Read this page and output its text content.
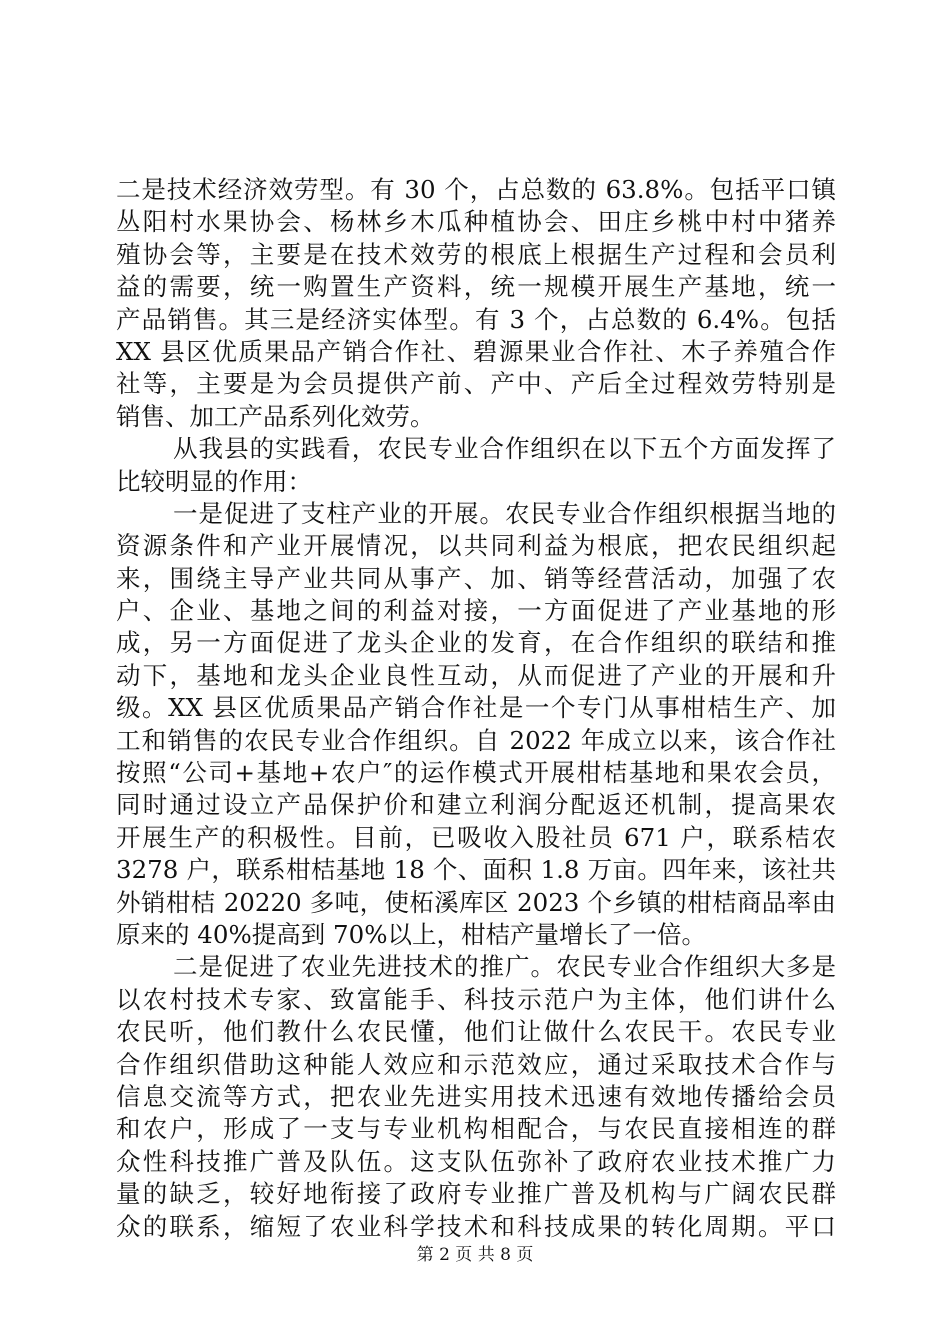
二是技术经济效劳型。有 30 个，占总数的 63.8%。包括平口镇
丛阳村水果协会、杨林乡木瓜种植协会、田庄乡桃中村中猪养
殖协会等，主要是在技术效劳的根底上根据生产过程和会员利
益的需要，统一购置生产资料，统一规模开展生产基地，统一
产品销售。其三是经济实体型。有 3 个，占总数的 6.4%。包括
XX 县区优质果品产销合作社、碧源果业合作社、木子养殖合作
社等，主要是为会员提供产前、产中、产后全过程效劳特别是
销售、加工产品系列化效劳。
从我县的实践看，农民专业合作组织在以下五个方面发挥了
比较明显的作用：
一是促进了支柱产业的开展。农民专业合作组织根据当地的
资源条件和产业开展情况，以共同利益为根底，把农民组织起
来，围绕主导产业共同从事产、加、销等经营活动，加强了农
户、企业、基地之间的利益对接，一方面促进了产业基地的形
成，另一方面促进了龙头企业的发育，在合作组织的联结和推
动下，基地和龙头企业良性互动，从而促进了产业的开展和升
级。XX 县区优质果品产销合作社是一个专门从事柑桔生产、加
工和销售的农民专业合作组织。自 2022 年成立以来，该合作社
按照“公司+基地+农户″的运作模式开展柑桔基地和果农会员，
同时通过设立产品保护价和建立利润分配返还机制，提高果农
开展生产的积极性。目前，已吸收入股社员 671 户，联系桔农
3278 户，联系柑桔基地 18 个、面积 1.8 万亩。四年来，该社共
外销柑桔 20220 多吨，使柘溪库区 2023 个乡镇的柑桔商品率由
原来的 40%提高到 70%以上，柑桔产量增长了一倍。
二是促进了农业先进技术的推广。农民专业合作组织大多是
以农村技术专家、致富能手、科技示范户为主体，他们讲什么
农民听，他们教什么农民懂，他们让做什么农民干。农民专业
合作组织借助这种能人效应和示范效应，通过采取技术合作与
信息交流等方式，把农业先进实用技术迅速有效地传播给会员
和农户，形成了一支与专业机构相配合，与农民直接相连的群
众性科技推广普及队伍。这支队伍弥补了政府农业技术推广力
量的缺乏，较好地衔接了政府专业推广普及机构与广阔农民群
众的联系，缩短了农业科学技术和科技成果的转化周期。平口
第 2 页 共 8 页
